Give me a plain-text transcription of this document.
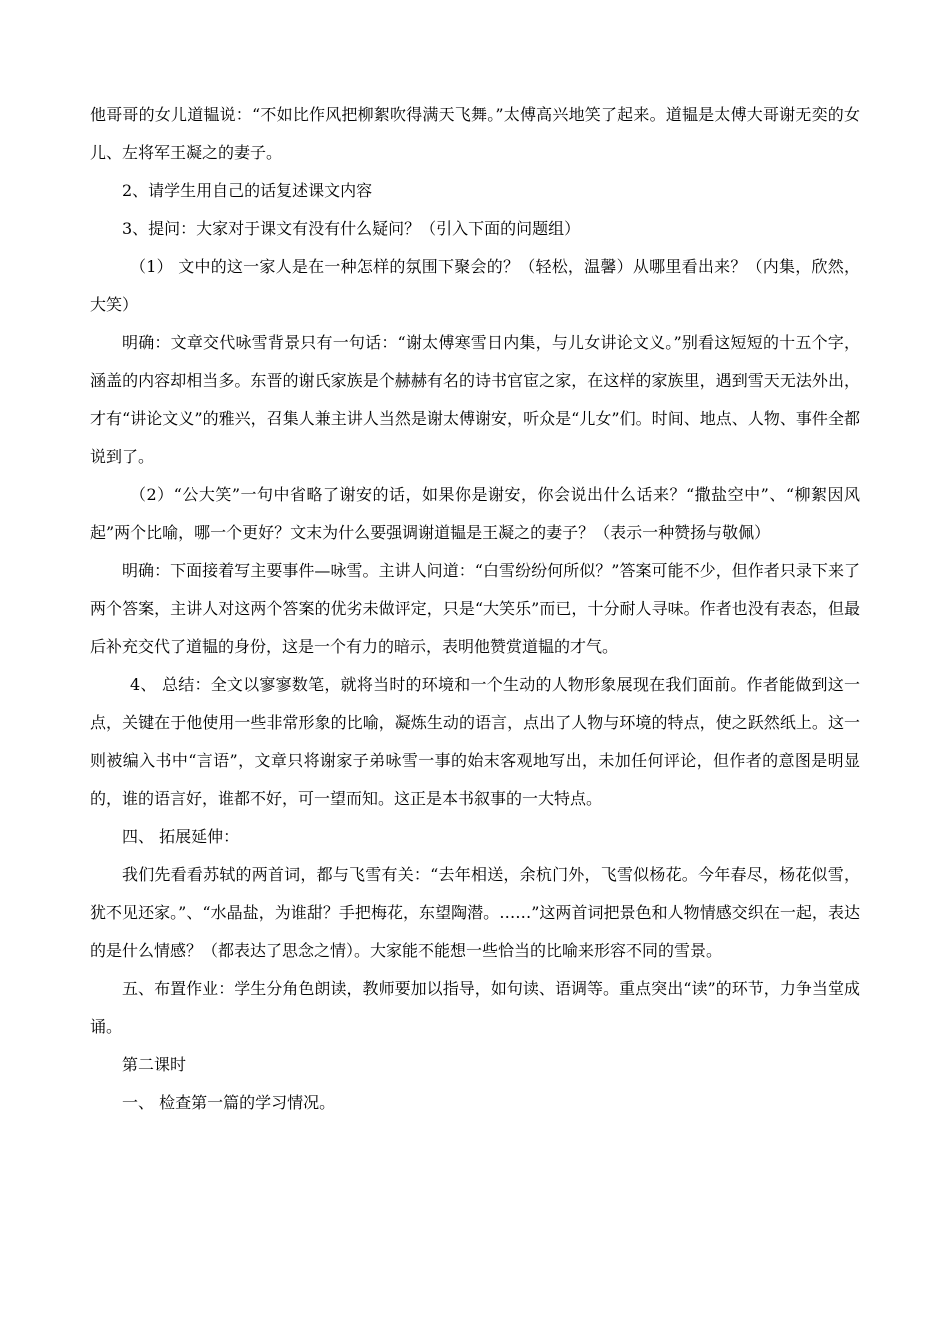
他哥哥的女儿道韫说：“不如比作风把柳絮吹得满天飞舞。”太傅高兴地笑了起来。道韫是太傅大哥谢无奕的女儿、左将军王凝之的妻子。

2、请学生用自己的话复述课文内容

3、提问：大家对于课文有没有什么疑问？（引入下面的问题组）

（1） 文中的这一家人是在一种怎样的氛围下聚会的？（轻松，温馨）从哪里看出来？（内集，欣然，大笑）

明确：文章交代咏雪背景只有一句话：“谢太傅寒雪日内集，与儿女讲论文义。”别看这短短的十五个字，涵盖的内容却相当多。东晋的谢氏家族是个赫赫有名的诗书官宦之家，在这样的家族里，遇到雪天无法外出，才有“讲论文义”的雅兴，召集人兼主讲人当然是谢太傅谢安，听众是“儿女”们。时间、地点、人物、事件全都说到了。

（2）“公大笑”一句中省略了谢安的话，如果你是谢安，你会说出什么话来？“撒盐空中”、“柳絮因风起”两个比喻，哪一个更好？文末为什么要强调谢道韫是王凝之的妻子？（表示一种赞扬与敬佩）

明确：下面接着写主要事件—咏雪。主讲人问道：“白雪纷纷何所似？”答案可能不少，但作者只录下来了两个答案，主讲人对这两个答案的优劣未做评定，只是“大笑乐”而已，十分耐人寻味。作者也没有表态，但最后补充交代了道韫的身份，这是一个有力的暗示，表明他赞赏道韫的才气。

4、 总结：全文以寥寥数笔，就将当时的环境和一个生动的人物形象展现在我们面前。作者能做到这一点，关键在于他使用一些非常形象的比喻，凝炼生动的语言，点出了人物与环境的特点，使之跃然纸上。这一则被编入书中“言语”，文章只将谢家子弟咏雪一事的始末客观地写出，未加任何评论，但作者的意图是明显的，谁的语言好，谁都不好，可一望而知。这正是本书叙事的一大特点。

四、 拓展延伸：

我们先看看苏轼的两首词，都与飞雪有关：“去年相送，余杭门外，飞雪似杨花。今年春尽，杨花似雪，犹不见还家。”、“水晶盐，为谁甜？手把梅花，东望陶潜。……”这两首词把景色和人物情感交织在一起，表达的是什么情感？（都表达了思念之情）。大家能不能想一些恰当的比喻来形容不同的雪景。

五、布置作业：学生分角色朗读，教师要加以指导，如句读、语调等。重点突出“读”的环节，力争当堂成诵。

第二课时

一、 检查第一篇的学习情况。
